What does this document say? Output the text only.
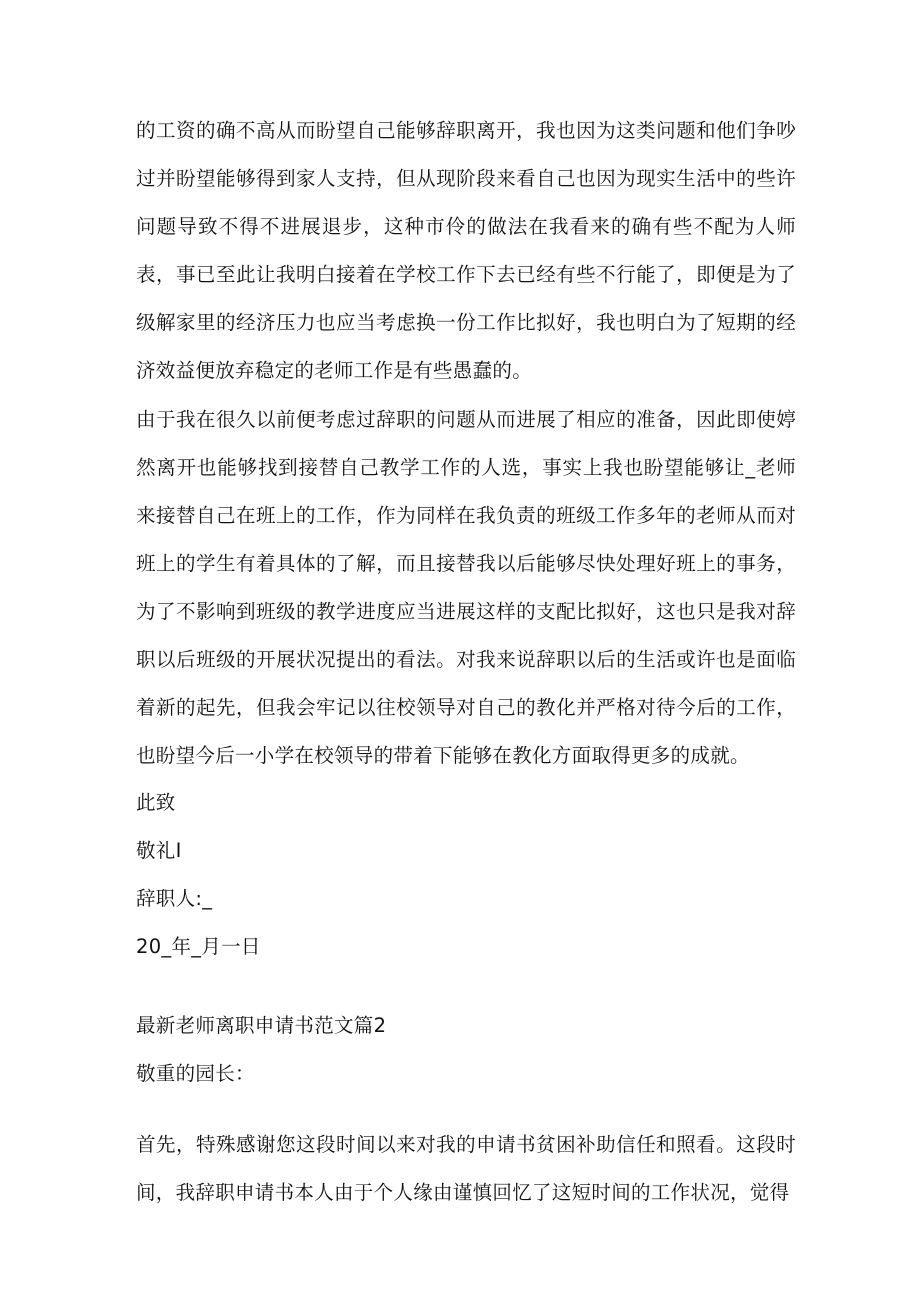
的工资的确不高从而盼望自己能够辞职离开，我也因为这类问题和他们争吵过并盼望能够得到家人支持，但从现阶段来看自己也因为现实生活中的些许问题导致不得不进展退步，这种市伶的做法在我看来的确有些不配为人师表，事已至此让我明白接着在学校工作下去已经有些不行能了，即便是为了级解家里的经济压力也应当考虑换一份工作比拟好，我也明白为了短期的经济效益便放弃稳定的老师工作是有些愚蠢的。

由于我在很久以前便考虑过辞职的问题从而进展了相应的准备，因此即使婷然离开也能够找到接替自己教学工作的人选，事实上我也盼望能够让_老师来接替自己在班上的工作，作为同样在我负责的班级工作多年的老师从而对班上的学生有着具体的了解，而且接替我以后能够尽快处理好班上的事务，为了不影响到班级的教学进度应当进展这样的支配比拟好，这也只是我对辞职以后班级的开展状况提出的看法。对我来说辞职以后的生活或许也是面临着新的起先，但我会牢记以往校领导对自己的教化并严格对待今后的工作，也盼望今后一小学在校领导的带着下能够在教化方面取得更多的成就。

此致
敬礼I
辞职人:_
20_年_月一日
最新老师离职申请书范文篇2
敬重的园长：

首先，特殊感谢您这段时间以来对我的申请书贫困补助信任和照看。这段时间，我辞职申请书本人由于个人缘由谨慎回忆了这短时间的工作状况，觉得
